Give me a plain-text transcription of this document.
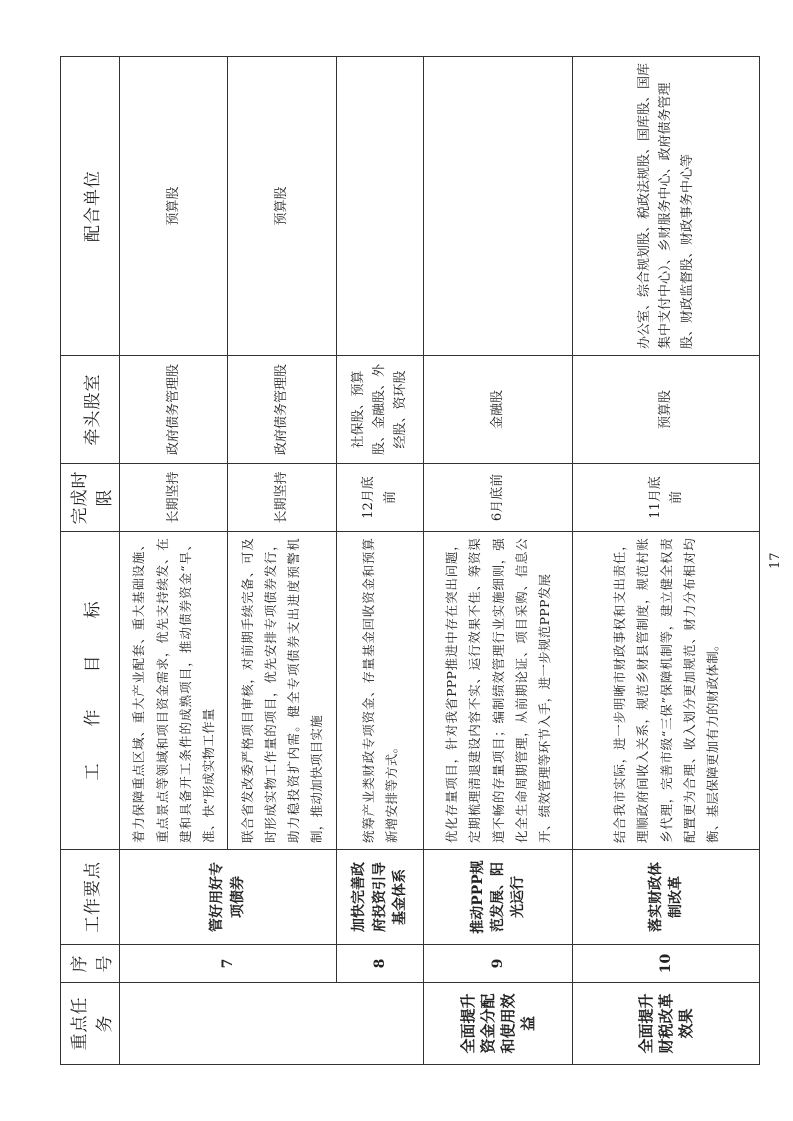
重点任务	序号	工作要点	工　　作　　目　　标	完成时限	牵头股室	配合单位
	7	管好用好专项债券	着力保障重点区域、重大产业配套、重大基础设施、重点景点等领域和项目资金需求，优先支持续发、在建和具备开工条件的成熟项目，推动债券资金“早、准、快”形成实物工作量	长期坚持	政府债务管理股	预算股
			联合省发改委严格项目审核，对前期手续完备、可及时形成实物工作量的项目，优先安排专项债券发行，助力稳投资扩内需。健全专项债券支出进度预警机制，推动加快项目实施	长期坚持	政府债务管理股	预算股
	8	加快完善政府投资引导基金体系	统筹产业类财政专项资金、存量基金回收资金和预算新增安排等方式。	12月底前	社保股、预算股、金融股、外经股、资环股	
全面提升资金分配和使用效益	9	推动PPP规范发展、阳光运行	优化存量项目，针对我省PPP推进中存在突出问题，定期梳理清退建设内容不实、运行效果不佳、筹资渠道不畅的存量项目；编制绩效管理行业实施细则，强化全生命周期管理，从前期论证、项目采购、信息公开、绩效管理等环节入手，进一步规范PPP发展	6月底前	金融股	
全面提升财税改革效果	10	落实财政体制改革	结合我市实际，进一步明晰市财政事权和支出责任，理顺政府间收入关系，规范乡财县管制度，规范村账乡代理，完善市级“三保”保障机制等，建立健全权责配置更为合理、收入划分更加规范、财力分布相对均衡、基层保障更加有力的财政体制。	11月底前	预算股	办公室、综合规划股、税政法规股、国库股、国库集中支付中心）、乡财服务中心、政府债务管理股、财政监督股、财政事务中心等
17
